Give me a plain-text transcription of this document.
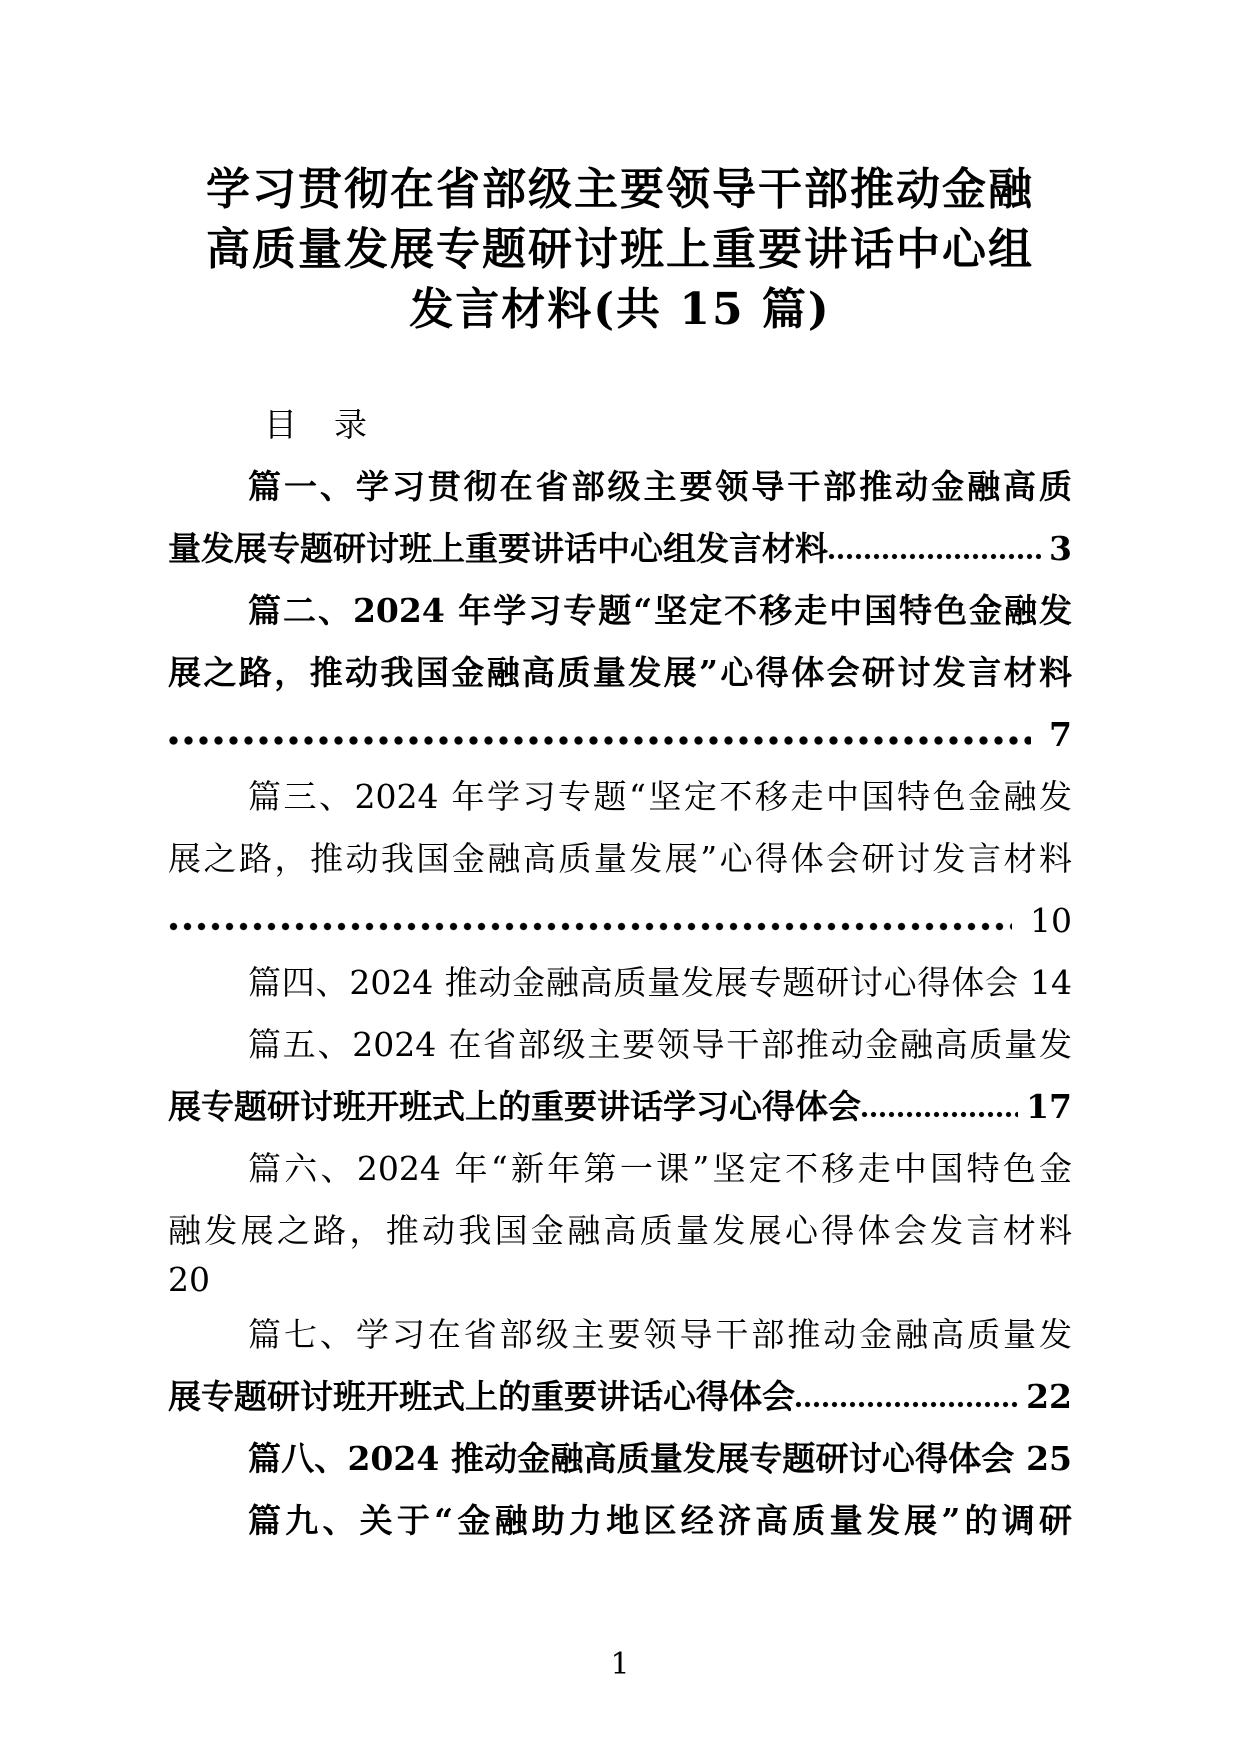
学习贯彻在省部级主要领导干部推动金融
高质量发展专题研讨班上重要讲话中心组
发言材料(共 15 篇)
目　录
篇一、学习贯彻在省部级主要领导干部推动金融高质
量发展专题研讨班上重要讲话中心组发言材料	3
篇二、2024 年学习专题“坚定不移走中国特色金融发
展之路，推动我国金融高质量发展”心得体会研讨发言材料
7
篇三、2024 年学习专题“坚定不移走中国特色金融发
展之路，推动我国金融高质量发展”心得体会研讨发言材料
10
篇四、2024 推动金融高质量发展专题研讨心得体会 14
篇五、2024 在省部级主要领导干部推动金融高质量发
展专题研讨班开班式上的重要讲话学习心得体会	17
篇六、2024 年“新年第一课”坚定不移走中国特色金
融发展之路，推动我国金融高质量发展心得体会发言材料
20
篇七、学习在省部级主要领导干部推动金融高质量发
展专题研讨班开班式上的重要讲话心得体会	22
篇八、2024 推动金融高质量发展专题研讨心得体会 25
篇九、关于“金融助力地区经济高质量发展”的调研
1
